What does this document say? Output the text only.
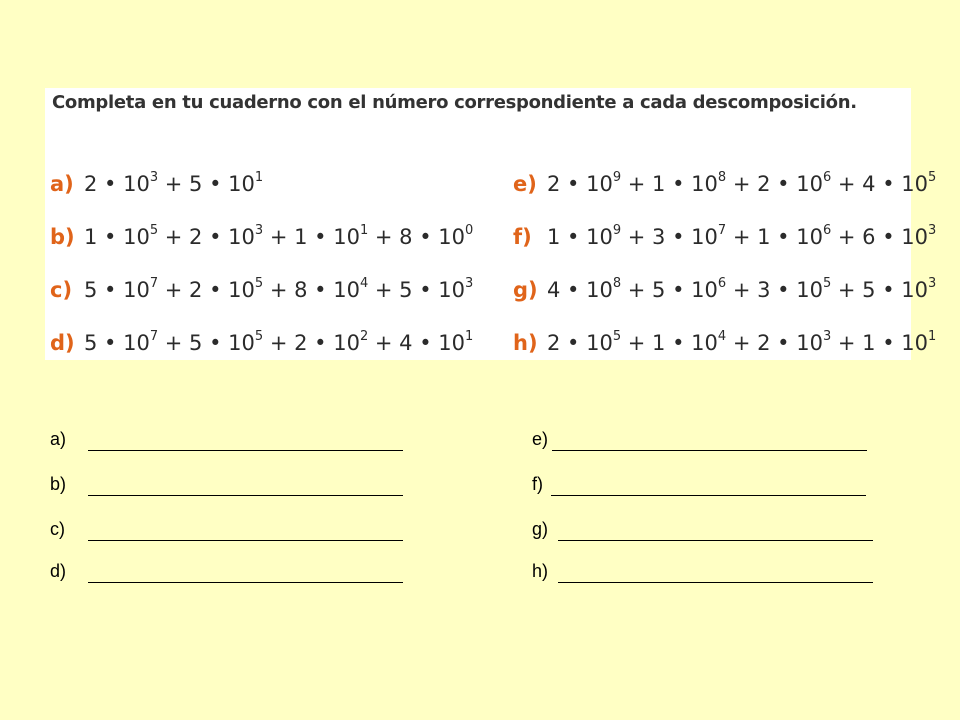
Completa en tu cuaderno con el número correspondiente a cada descomposición.
a) 2 • $10^3 + 5$ • $10^1$
b) 1 • $10^5 + 2$ • $10^3 + 1$ • $10^1 + 8$ • $10^0$
c) 5 • $10^7 + 2$ • $10^5 + 8$ • $10^4 + 5$ • $10^3$
d) 5 • $10^7 + 5$ • $10^5 + 2$ • $10^2 + 4$ • $10^1$
e) 2 • $10^9 + 1$ • $10^8 + 2$ • $10^6 + 4$ • $10^5$
f) 1 • $10^9 + 3$ • $10^7 + 1$ • $10^6 + 6$ • $10^3$
g) 4 • $10^8 + 5$ • $10^6 + 3$ • $10^5 + 5$ • $10^3$
h) 2 • $10^5 + 1$ • $10^4 + 2$ • $10^3 + 1$ • $10^1$
a)
b)
c)
d)
e)
f)
g)
h)
